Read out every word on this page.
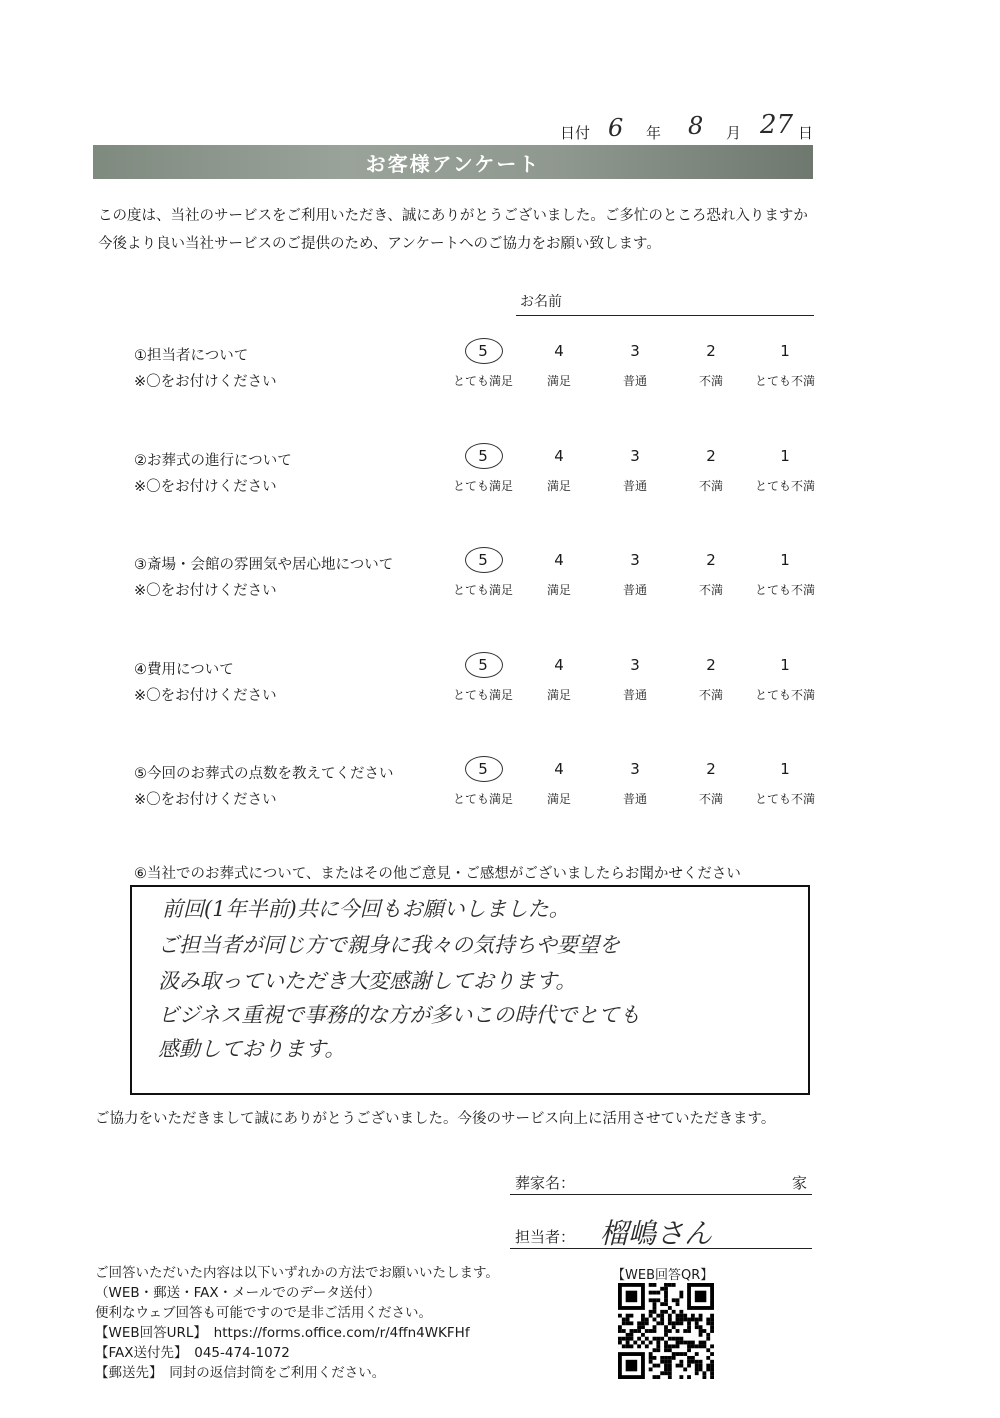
日付 6 年 8 月 27 日
お客様アンケート
この度は、当社のサービスをご利用いただき、誠にありがとうございました。ご多忙のところ恐れ入りますか
今後より良い当社サービスのご提供のため、アンケートへのご協力をお願い致します。
お名前
①担当者について
※〇をお付けください
5
とても満足
4
満足
3
普通
2
不満
1
とても不満
②お葬式の進行について
※〇をお付けください
5
とても満足
4
満足
3
普通
2
不満
1
とても不満
③斎場・会館の雰囲気や居心地について
※〇をお付けください
5
とても満足
4
満足
3
普通
2
不満
1
とても不満
④費用について
※〇をお付けください
5
とても満足
4
満足
3
普通
2
不満
1
とても不満
⑤今回のお葬式の点数を教えてください
※〇をお付けください
5
とても満足
4
満足
3
普通
2
不満
1
とても不満
⑥当社でのお葬式について、またはその他ご意見・ご感想がございましたらお聞かせください
前回(1年半前)共に今回もお願いしました。
ご担当者が同じ方で親身に我々の気持ちや要望を
汲み取っていただき大変感謝しております。
ビジネス重視で事務的な方が多いこの時代でとても
感動しております。
ご協力をいただきまして誠にありがとうございました。今後のサービス向上に活用させていただきます。
葬家名：	家
担当者： 榴嶋さん
ご回答いただいた内容は以下いずれかの方法でお願いいたします。
（WEB・郵送・FAX・メールでのデータ送付）
便利なウェブ回答も可能ですので是非ご活用ください。
【WEB回答URL】　https://forms.office.com/r/4ffn4WKFHf
【FAX送付先】　045-474-1072
【郵送先】　同封の返信封筒をご利用ください。
【WEB回答QR】
